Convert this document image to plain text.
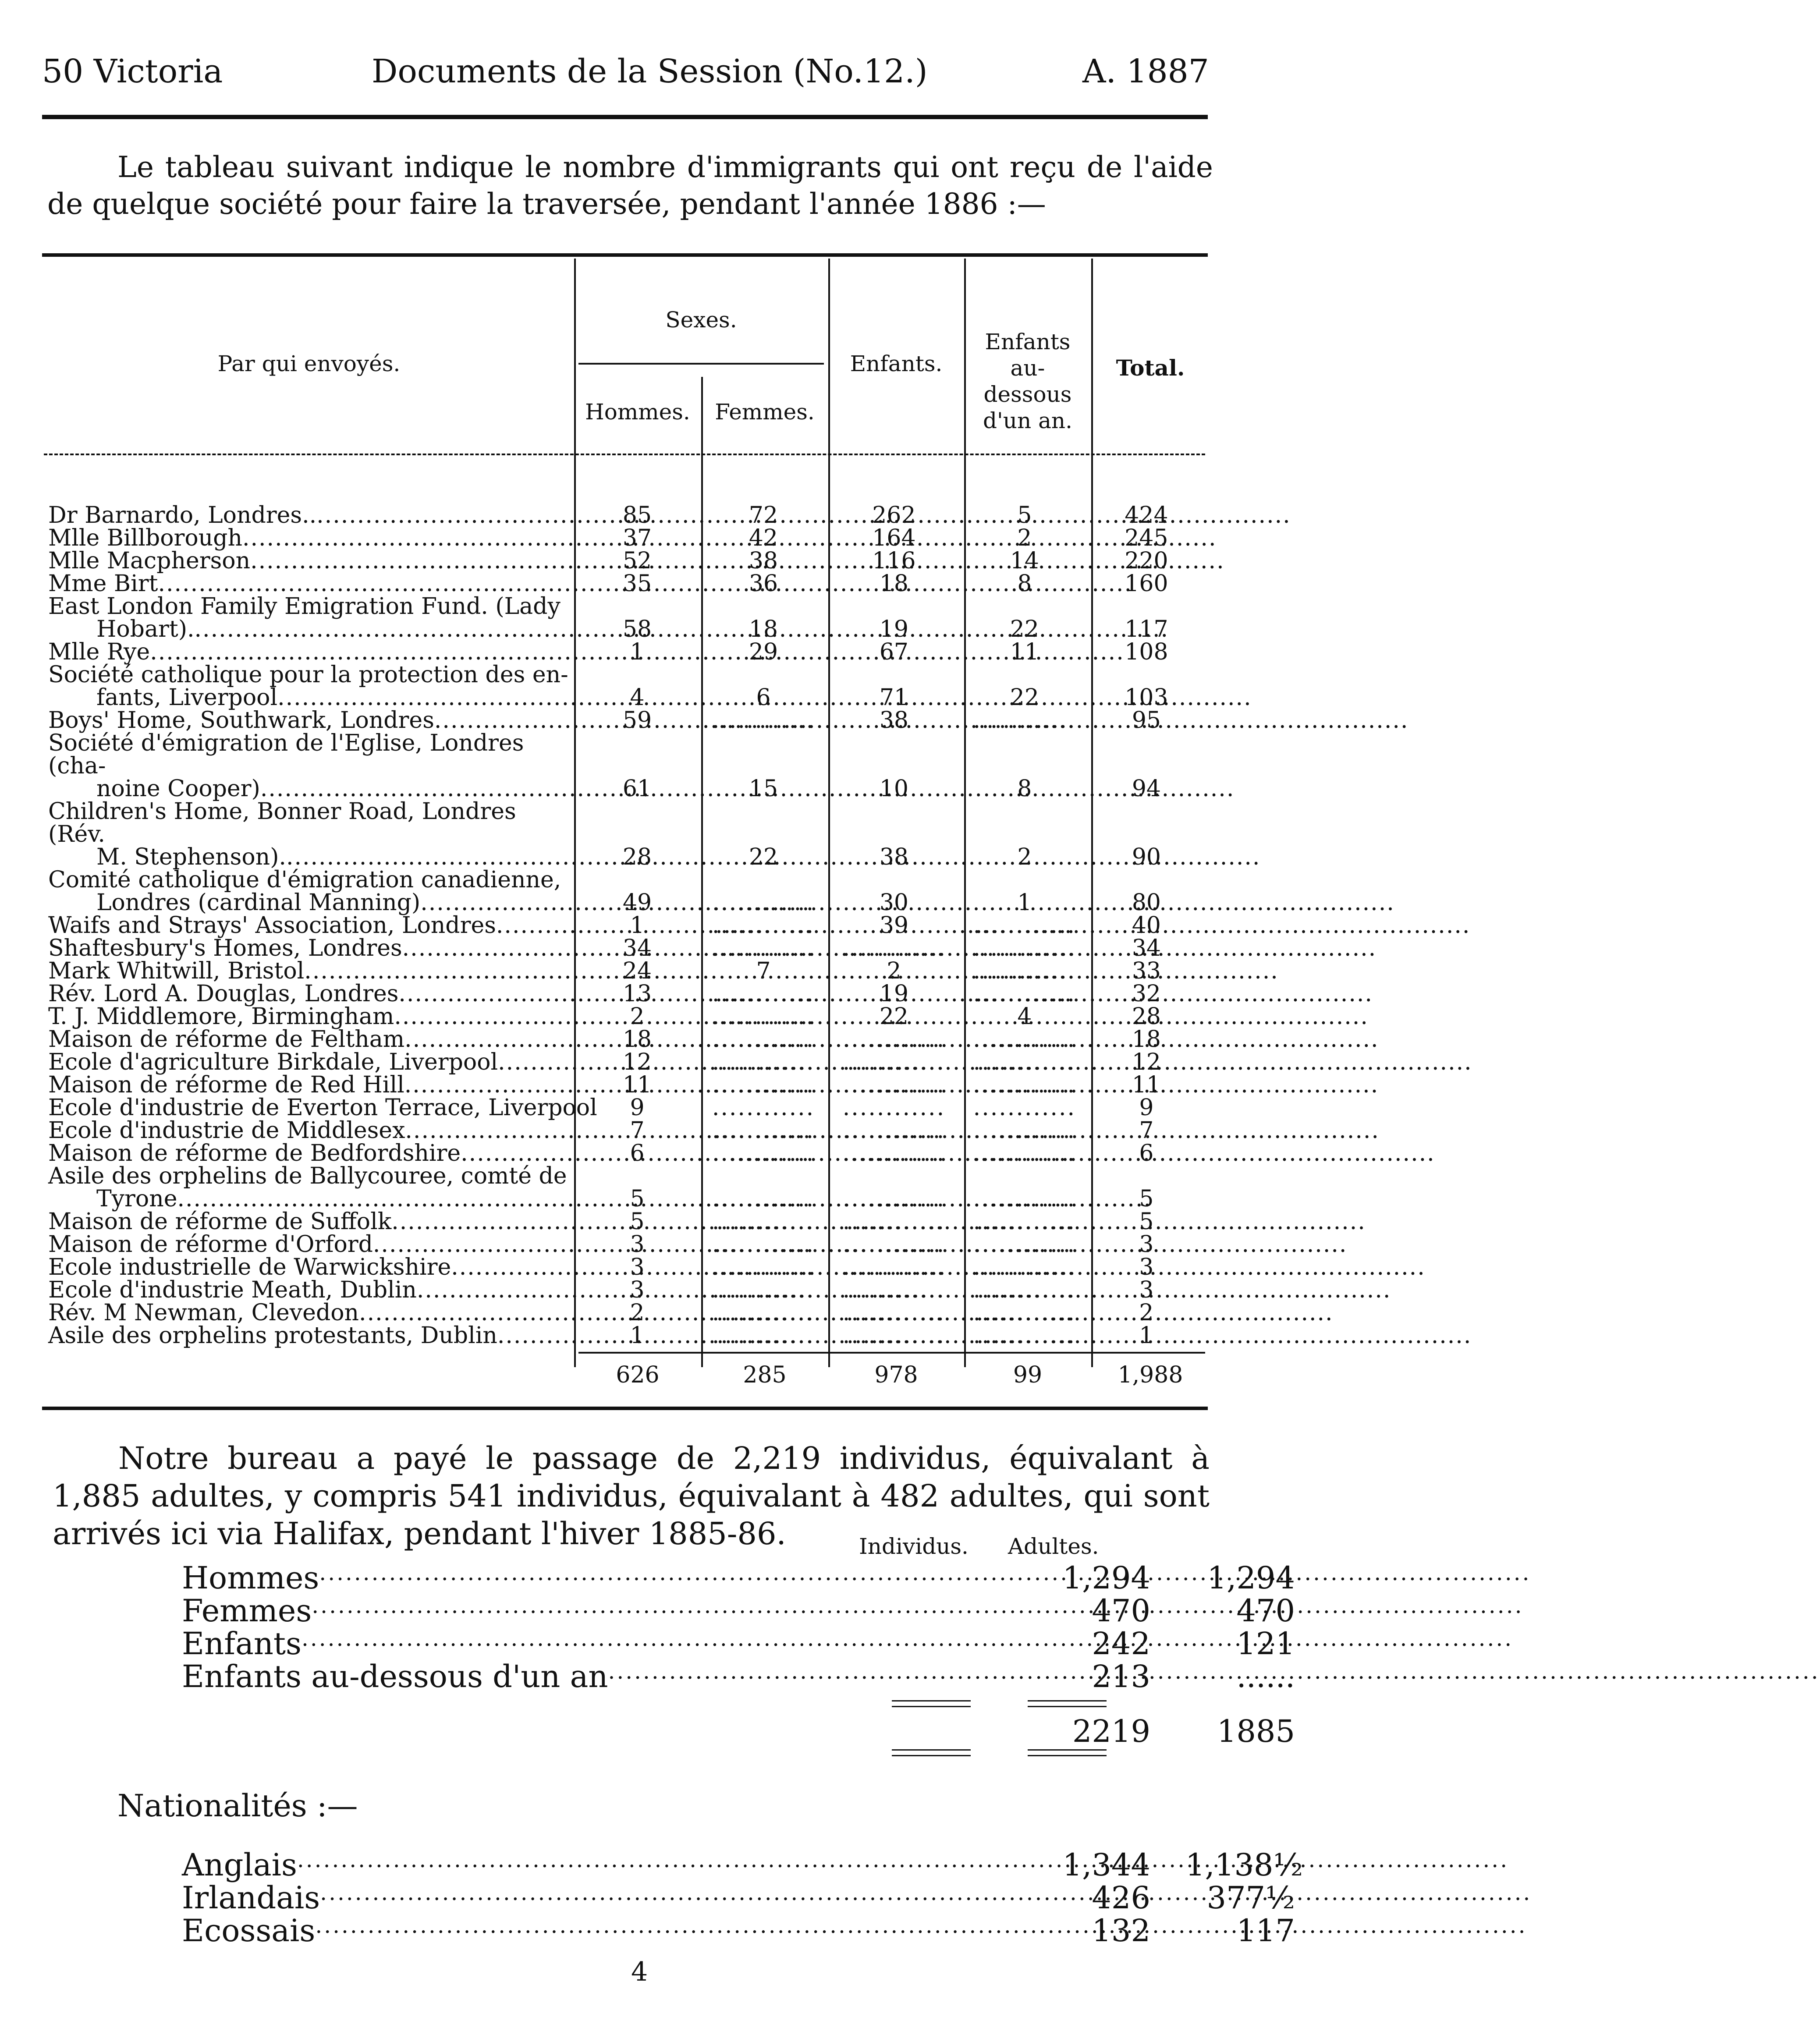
50 Victoria	Documents de la Session (No.12.)	A. 1887

Le tableau suivant indique le nombre d'immigrants qui ont reçu de l'aide de quelque société pour faire la traversée, pendant l'année 1886 :—

Par qui envoyés.
Sexes.
Hommes.	Femmes.
Enfants.
Enfants au-dessous d'un an.
Total.
Dr Barnardo, Londres.. .....	85	72	262	5	424
Mlle Billborough .....	37	42	164	2	245
Mlle Macpherson .....	52	38	116	14	220
Mme Birt .....	35	36	18	8	160
East London Family Emigration Fund. (Lady
Hobart). .....	58	18	19	22	117
Mlle Rye .....	1	29	67	11	108
Société catholique pour la protection des en-
fants, Liverpool .....	4	6	71	22	103
Boys' Home, Southwark, Londres .....	59	............	38	............	95
Société d'émigration de l'Eglise, Londres (cha-
noine Cooper) .....	61	15	10	8	94
Children's Home, Bonner Road, Londres (Rév.
M. Stephenson). .....	28	22	38	2	90
Comité catholique d'émigration canadienne,
Londres (cardinal Manning) .....	49	............	30	1	80
Waifs and Strays' Association, Londres .....	1	............	39	............	40
Shaftesbury's Homes, Londres .....	34	............	............	............	34
Mark Whitwill, Bristol .....	24	7	2	............	33
Rév. Lord A. Douglas, Londres .....	13	............	19	............	32
T. J. Middlemore, Birmingham .....	2	............	22	4	28
Maison de réforme de Feltham .....	18	............	............	............	18
Ecole d'agriculture Birkdale, Liverpool .....	12	............	............	............	12
Maison de réforme de Red Hill .....	11	............	............	............	11
Ecole d'industrie de Everton Terrace, Liverpool	9	............	............	............	9
Ecole d'industrie de Middlesex .....	7	............	............	............	7
Maison de réforme de Bedfordshire .....	6	............	............	............	6
Asile des orphelins de Ballycouree, comté de
Tyrone .....	5	............	............	............	5
Maison de réforme de Suffolk .....	5	............	............	............	5
Maison de réforme d'Orford .....	3	............	............	............	3
Ecole industrielle de Warwickshire .....	3	............	............	............	3
Ecole d'industrie Meath, Dublin .....	3	............	............	............	3
Rév. M Newman, Clevedon .....	2	............	............	............	2
Asile des orphelins protestants, Dublin .....	1	............	............	............	1
626	285	978	99	1,988

Notre bureau a payé le passage de 2,219 individus, équivalant à 1,885 adultes, y compris 541 individus, équivalant à 482 adultes, qui sont arrivés ici via Halifax, pendant l'hiver 1885-86.	Individus. Adultes.
Hommes .....	1,294	1,294
Femmes .....	470	470
Enfants .....	242	121
Enfants au-dessous d'un an .....	213	......
2219	1885
Nationalités :—
Anglais .....	1,344 1,138½
Irlandais .....	426	377½
Ecossais .....	132	117
4
